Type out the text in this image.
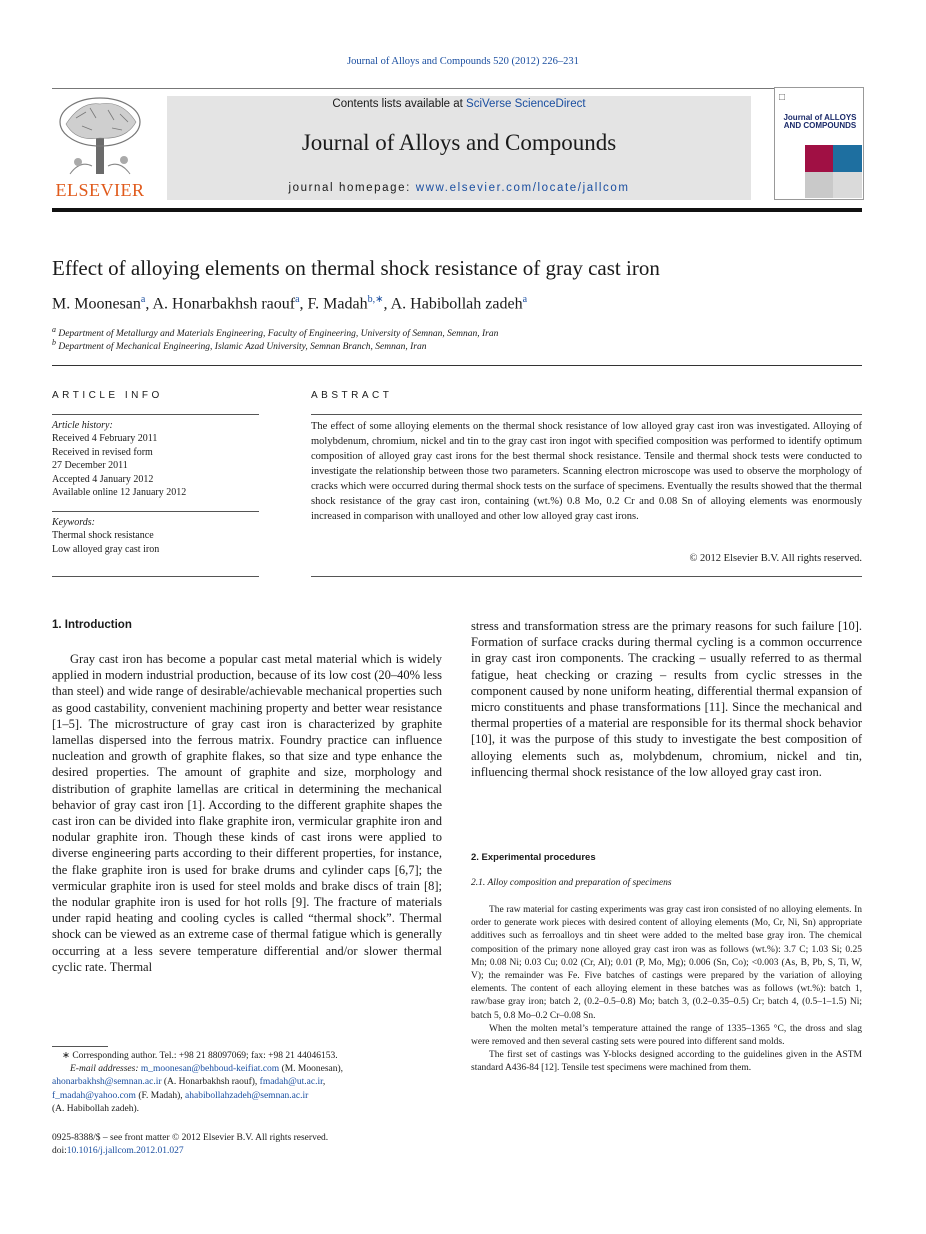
Journal of Alloys and Compounds 520 (2012) 226–231
ELSEVIER
Contents lists available at SciVerse ScienceDirect
Journal of Alloys and Compounds
journal homepage: www.elsevier.com/locate/jallcom
□
Journal of ALLOYS AND COMPOUNDS
Effect of alloying elements on thermal shock resistance of gray cast iron
M. Moonesan$^a$, A. Honarbakhsh raouf$^a$, F. Madah$^{b,∗}$, A. Habibollah zadeh$^a$
$^a$ Department of Metallurgy and Materials Engineering, Faculty of Engineering, University of Semnan, Semnan, Iran
$^b$ Department of Mechanical Engineering, Islamic Azad University, Semnan Branch, Semnan, Iran
ARTICLE INFO
Article history:
Received 4 February 2011
Received in revised form
27 December 2011
Accepted 4 January 2012
Available online 12 January 2012
Keywords:
Thermal shock resistance
Low alloyed gray cast iron
ABSTRACT
The effect of some alloying elements on the thermal shock resistance of low alloyed gray cast iron was investigated. Alloying of molybdenum, chromium, nickel and tin to the gray cast iron ingot with specified composition was performed to identify optimum composition of alloyed gray cast irons for the best thermal shock resistance. Tensile and thermal shock tests were conducted to investigate the relationship between those two parameters. Scanning electron microscope was used to observe the morphology of cracks which were occurred during thermal shock tests on the surface of specimens. Eventually the results showed that the thermal shock resistance of the gray cast iron, containing (wt.%) 0.8 Mo, 0.2 Cr and 0.08 Sn of alloying elements was enormously increased in comparison with unalloyed and other low alloyed gray cast irons.
© 2012 Elsevier B.V. All rights reserved.
1. Introduction

Gray cast iron has become a popular cast metal material which is widely applied in modern industrial production, because of its low cost (20–40% less than steel) and wide range of desirable/achievable mechanical properties such as good castability, convenient machining property and better wear resistance [1–5]. The microstructure of gray cast iron is characterized by graphite lamellas dispersed into the ferrous matrix. Foundry practice can influence nucleation and growth of graphite flakes, so that size and type enhance the desired properties. The amount of graphite and size, morphology and distribution of graphite lamellas are critical in determining the mechanical behavior of gray cast iron [1]. According to the different graphite shapes the cast iron can be divided into flake graphite iron, vermicular graphite iron and nodular graphite iron. Though these kinds of cast irons were applied to diverse engineering parts according to their different properties, for instance, the flake graphite iron is used for brake drums and cylinder caps [6,7]; the vermicular graphite iron is used for steel molds and brake discs of train [8]; the nodular graphite iron is used for hot rolls [9]. The fracture of materials under rapid heating and cooling cycles is called “thermal shock”. Thermal shock can be viewed as an extreme case of thermal fatigue which is generally occurring at a less severe temperature differential and/or slower thermal cyclic rate. Thermal

∗ Corresponding author. Tel.: +98 21 88097069; fax: +98 21 44046153.
E-mail addresses: m_moonesan@behboud-keifiat.com (M. Moonesan),
ahonarbakhsh@semnan.ac.ir (A. Honarbakhsh raouf), fmadah@ut.ac.ir,
f_madah@yahoo.com (F. Madah), ahabibollahzadeh@semnan.ac.ir
(A. Habibollah zadeh).
0925-8388/$ – see front matter © 2012 Elsevier B.V. All rights reserved.
doi:10.1016/j.jallcom.2012.01.027
stress and transformation stress are the primary reasons for such failure [10]. Formation of surface cracks during thermal cycling is a common occurrence in gray cast iron components. The cracking – usually referred to as thermal fatigue, heat checking or crazing – results from cyclic stresses in the component caused by none uniform heating, differential thermal expansion of micro constituents and phase transformations [11]. Since the mechanical and thermal properties of a material are responsible for its thermal shock behavior [10], it was the purpose of this study to investigate the best composition of alloying elements such as, molybdenum, chromium, nickel and tin, influencing thermal shock resistance of the low alloyed gray cast iron.
2. Experimental procedures
2.1. Alloy composition and preparation of specimens

The raw material for casting experiments was gray cast iron consisted of no alloying elements. In order to generate work pieces with desired content of alloying elements (Mo, Cr, Ni, Sn) appropriate additives such as ferroalloys and tin sheet were added to the melted base gray iron. The chemical composition of the primary none alloyed gray cast iron was as follows (wt.%): 3.7 C; 1.03 Si; 0.25 Mn; 0.08 Ni; 0.03 Cu; 0.02 (Cr, Al); 0.01 (P, Mo, Mg); 0.006 (Sn, Co); <0.003 (As, B, Pb, S, Ti, W, V); the remainder was Fe. Five batches of castings were prepared by the variation of alloying elements. The content of each alloying element in these batches was as follows (wt.%): batch 1, raw/base gray iron; batch 2, (0.2–0.5–0.8) Mo; batch 3, (0.2–0.35–0.5) Cr; batch 4, (0.5–1–1.5) Ni; batch 5, 0.8 Mo–0.2 Cr–0.08 Sn.

When the molten metal’s temperature attained the range of 1335–1365 °C, the dross and slag were removed and then several casting sets were poured into different sand molds.

The first set of castings was Y-blocks designed according to the guidelines given in the ASTM standard A436-84 [12]. Tensile test specimens were machined from them.
